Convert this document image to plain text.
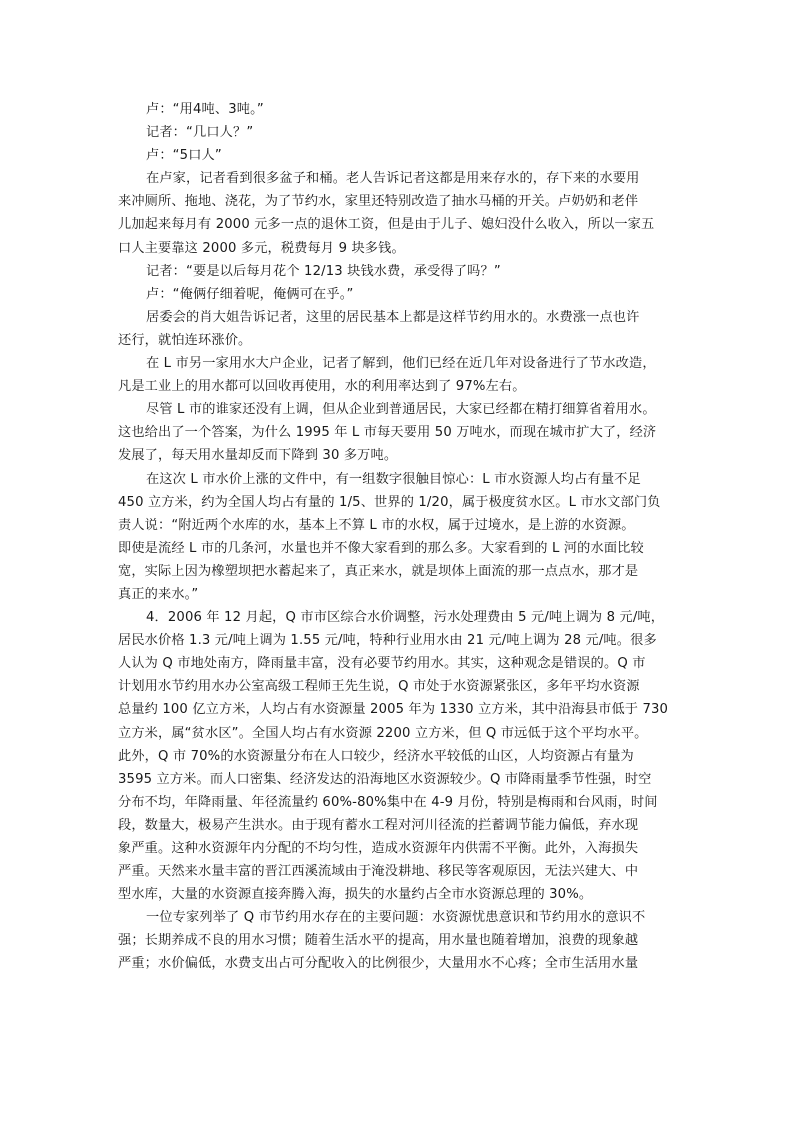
卢：“用4吨、3吨。”
记者：“几口人？”
卢：“5口人”
在卢家，记者看到很多盆子和桶。老人告诉记者这都是用来存水的，存下来的水要用
来冲厕所、拖地、浇花，为了节约水，家里还特别改造了抽水马桶的开关。卢奶奶和老伴
儿加起来每月有 2000 元多一点的退休工资，但是由于儿子、媳妇没什么收入，所以一家五
口人主要靠这 2000 多元，税费每月 9 块多钱。
记者：“要是以后每月花个 12/13 块钱水费，承受得了吗？”
卢：“俺俩仔细着呢，俺俩可在乎。”
居委会的肖大姐告诉记者，这里的居民基本上都是这样节约用水的。水费涨一点也许
还行，就怕连环涨价。
在 L 市另一家用水大户企业，记者了解到，他们已经在近几年对设备进行了节水改造，
凡是工业上的用水都可以回收再使用，水的利用率达到了 97%左右。
尽管 L 市的谁家还没有上调，但从企业到普通居民，大家已经都在精打细算省着用水。
这也给出了一个答案，为什么 1995 年 L 市每天要用 50 万吨水，而现在城市扩大了，经济
发展了，每天用水量却反而下降到 30 多万吨。
在这次 L 市水价上涨的文件中，有一组数字很触目惊心：L 市水资源人均占有量不足
450 立方米，约为全国人均占有量的 1/5、世界的 1/20，属于极度贫水区。L 市水文部门负
责人说：“附近两个水库的水，基本上不算 L 市的水权，属于过境水，是上游的水资源。
即使是流经 L 市的几条河，水量也并不像大家看到的那么多。大家看到的 L 河的水面比较
宽，实际上因为橡塑坝把水蓄起来了，真正来水，就是坝体上面流的那一点点水，那才是
真正的来水。”
4．2006 年 12 月起，Q 市市区综合水价调整，污水处理费由 5 元/吨上调为 8 元/吨，
居民水价格 1.3 元/吨上调为 1.55 元/吨，特种行业用水由 21 元/吨上调为 28 元/吨。很多
人认为 Q 市地处南方，降雨量丰富，没有必要节约用水。其实，这种观念是错误的。Q 市
计划用水节约用水办公室高级工程师王先生说，Q 市处于水资源紧张区，多年平均水资源
总量约 100 亿立方米，人均占有水资源量 2005 年为 1330 立方米，其中沿海县市低于 730
立方米，属“贫水区”。全国人均占有水资源 2200 立方米，但 Q 市远低于这个平均水平。
此外，Q 市 70%的水资源量分布在人口较少，经济水平较低的山区，人均资源占有量为
3595 立方米。而人口密集、经济发达的沿海地区水资源较少。Q 市降雨量季节性强，时空
分布不均，年降雨量、年径流量约 60%-80%集中在 4-9 月份，特别是梅雨和台风雨，时间
段，数量大，极易产生洪水。由于现有蓄水工程对河川径流的拦蓄调节能力偏低，弃水现
象严重。这种水资源年内分配的不均匀性，造成水资源年内供需不平衡。此外，入海损失
严重。天然来水量丰富的晋江西溪流域由于淹没耕地、移民等客观原因，无法兴建大、中
型水库，大量的水资源直接奔腾入海，损失的水量约占全市水资源总理的 30%。
一位专家列举了 Q 市节约用水存在的主要问题：水资源忧患意识和节约用水的意识不
强；长期养成不良的用水习惯；随着生活水平的提高，用水量也随着增加，浪费的现象越
严重；水价偏低，水费支出占可分配收入的比例很少，大量用水不心疼；全市生活用水量
